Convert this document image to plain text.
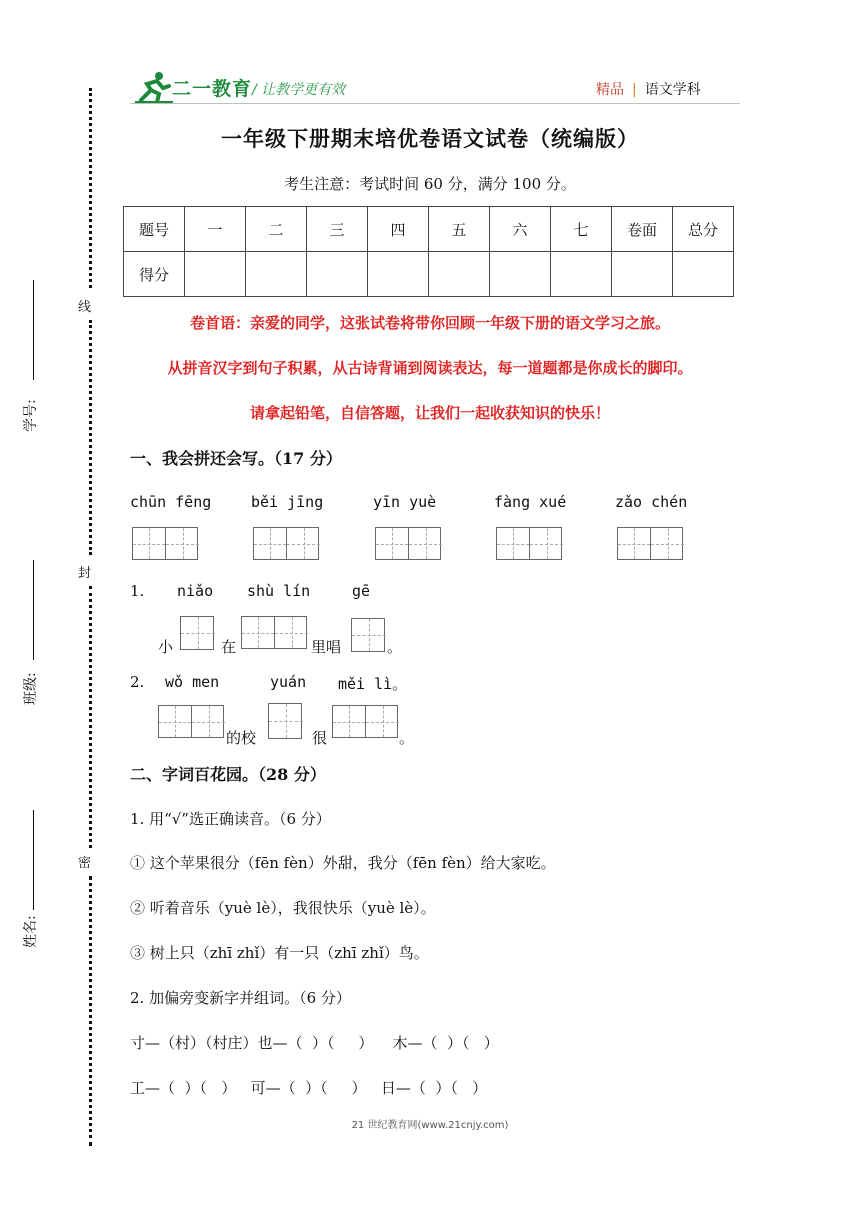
二一教育 / 让教学更有效	精品 | 语文学科
一年级下册期末培优卷语文试卷（统编版）
考生注意：考试时间 60 分，满分 100 分。
题号	一	二	三	四	五	六	七	卷面	总分
得分									
卷首语：亲爱的同学，这张试卷将带你回顾一年级下册的语文学习之旅。
从拼音汉字到句子积累，从古诗背诵到阅读表达，每一道题都是你成长的脚印。
请拿起铅笔，自信答题，让我们一起收获知识的快乐！
一、我会拼还会写。（17 分）
chūn fēng	běi jīng	yīn yuè	fàng xué	zǎo chén
1. niǎo shù lín	gē
小	在	里唱	。
2. wǒ men	yuán měi lì。
的校	很	。
二、字词百花园。（28 分）
1. 用“√”选正确读音。（6 分）
① 这个苹果很分（fēn fèn）外甜，我分（fēn fèn）给大家吃。
② 听着音乐（yuè lè），我很快乐（yuè lè）。
③ 树上只（zhī zhǐ）有一只（zhī zhǐ）鸟。
2. 加偏旁变新字并组词。（6 分）
寸—（村）（村庄）也—（  ）（     ）    木—（  ）（   ）
工—（  ）（   ）   可—（  ）（     ）   日—（  ）（   ）
线
封
密
学号:
班级:
姓名:
21 世纪教育网(www.21cnjy.com)
